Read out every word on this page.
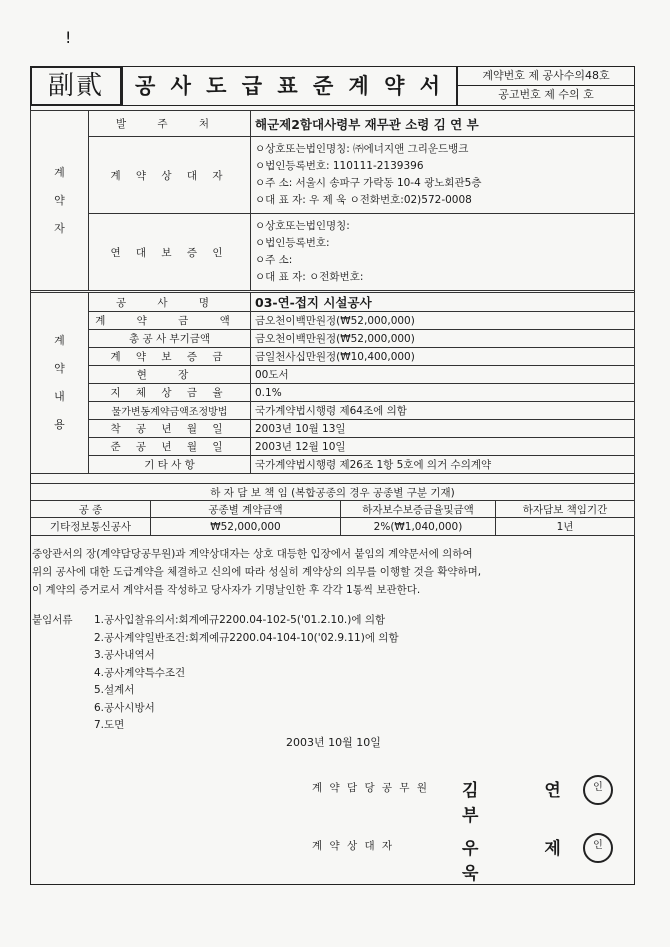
!
副貳	공 사 도 급 표 준 계 약 서	계약번호 제 공사수의48호
공고번호 제 수의 호
계
약
자	발 주 처	해군제2함대사령부 재무관 소령 김 연 부
	계 약 상 대 자	ㅇ상호또는법인명칭: ㈜에너지앤 그리운드뱅크
ㅇ법인등록번호: 110111-2139396
ㅇ주 소: 서울시 송파구 가락동 10-4 광노회관5층
ㅇ대 표 자: 우 제 욱 ㅇ전화번호:02)572-0008

	연 대 보 증 인	ㅇ상호또는법인명칭:
ㅇ법인등록번호:
ㅇ주 소:
ㅇ대 표 자: ㅇ전화번호:
계
약
내
용	공 사 명	03-연-접지 시설공사
	계 약 금 액	금오천이백만원정(₩52,000,000)
	총 공 사 부기금액	금오천이백만원정(₩52,000,000)
	계 약 보 증 금	금일천사십만원정(₩10,400,000)
	현 장	00도서
	지 체 상 금 율	0.1%
	물가변동계약금액조정방법	국가계약법시행령 제64조에 의함
	착 공 년 월 일	2003년 10월 13일
	준 공 년 월 일	2003년 12월 10일
	기 타 사 항	국가계약법시행령 제26조 1항 5호에 의거 수의계약
하 자 담 보 책 임 (복합공종의 경우 공종별 구분 기재)			
공 종	공종별 계약금액	하자보수보증금율및금액	하자담보 책임기간
기타정보통신공사	₩52,000,000	2%(₩1,040,000)	1년
중앙관서의 장(계약담당공무원)과 계약상대자는 상호 대등한 입장에서 붙임의 계약문서에 의하여
위의 공사에 대한 도급계약을 체결하고 신의에 따라 성실히 계약상의 의무를 이행할 것을 확약하며,
이 계약의 증거로서 계약서를 작성하고 당사자가 기명날인한 후 각각 1통씩 보관한다.
붙임서류 1.공사입찰유의서:회계예규2200.04-102-5('01.2.10.)에 의함
2.공사계약일반조건:회계예규2200.04-104-10('02.9.11)에 의함
3.공사내역서
4.공사계약특수조건
5.설계서
6.공사시방서
7.도면
2003년 10월 10일
계 약 담 당 공 무 원 김 연 부
인
계 약 상 대 자	우 제 욱
인
